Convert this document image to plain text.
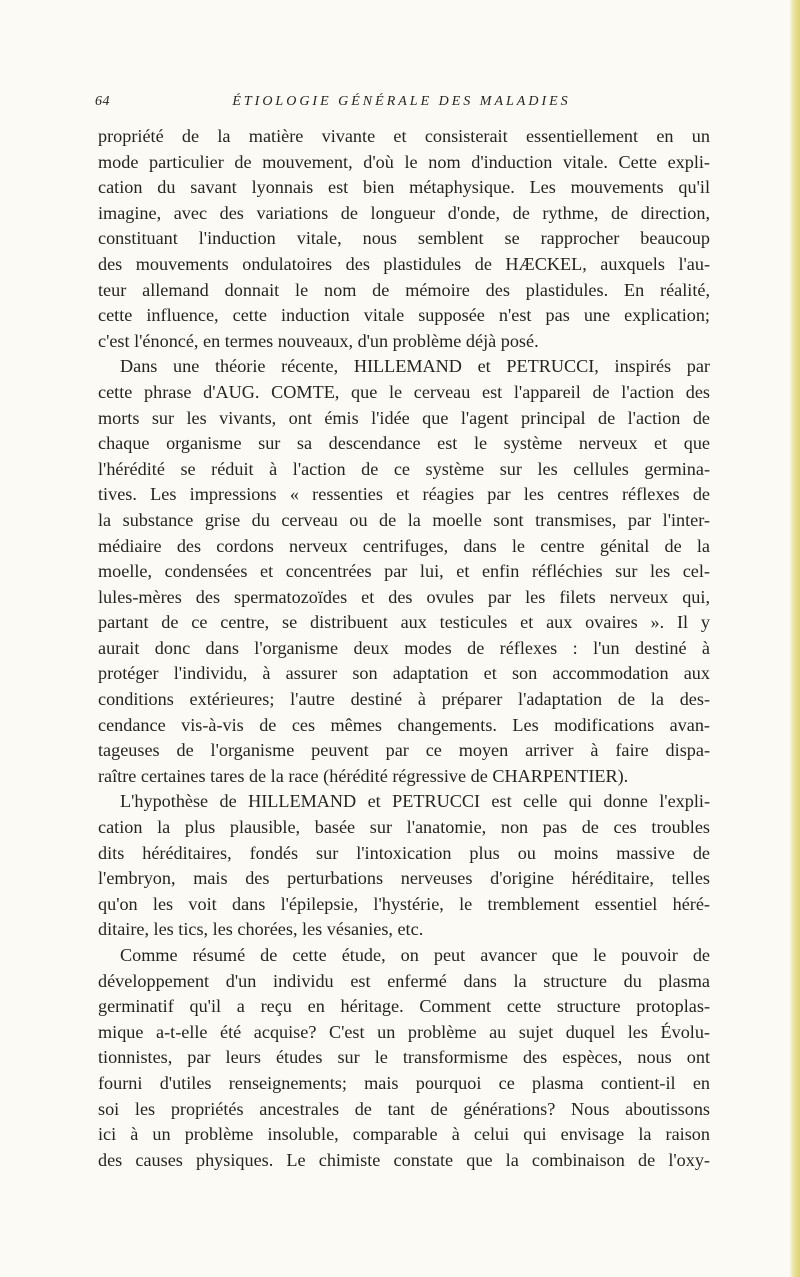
64	ÉTIOLOGIE GÉNÉRALE DES MALADIES
propriété de la matière vivante et consisterait essentiellement en un
mode particulier de mouvement, d'où le nom d'induction vitale. Cette expli-
cation du savant lyonnais est bien métaphysique. Les mouvements qu'il
imagine, avec des variations de longueur d'onde, de rythme, de direction,
constituant l'induction vitale, nous semblent se rapprocher beaucoup
des mouvements ondulatoires des plastidules de HÆCKEL, auxquels l'au-
teur allemand donnait le nom de mémoire des plastidules. En réalité,
cette influence, cette induction vitale supposée n'est pas une explication;
c'est l'énoncé, en termes nouveaux, d'un problème déjà posé.
Dans une théorie récente, HILLEMAND et PETRUCCI, inspirés par
cette phrase d'AUG. COMTE, que le cerveau est l'appareil de l'action des
morts sur les vivants, ont émis l'idée que l'agent principal de l'action de
chaque organisme sur sa descendance est le système nerveux et que
l'hérédité se réduit à l'action de ce système sur les cellules germina-
tives. Les impressions « ressenties et réagies par les centres réflexes de
la substance grise du cerveau ou de la moelle sont transmises, par l'inter-
médiaire des cordons nerveux centrifuges, dans le centre génital de la
moelle, condensées et concentrées par lui, et enfin réfléchies sur les cel-
lules-mères des spermatozoïdes et des ovules par les filets nerveux qui,
partant de ce centre, se distribuent aux testicules et aux ovaires ». Il y
aurait donc dans l'organisme deux modes de réflexes : l'un destiné à
protéger l'individu, à assurer son adaptation et son accommodation aux
conditions extérieures; l'autre destiné à préparer l'adaptation de la des-
cendance vis-à-vis de ces mêmes changements. Les modifications avan-
tageuses de l'organisme peuvent par ce moyen arriver à faire dispa-
raître certaines tares de la race (hérédité régressive de CHARPENTIER).
L'hypothèse de HILLEMAND et PETRUCCI est celle qui donne l'expli-
cation la plus plausible, basée sur l'anatomie, non pas de ces troubles
dits héréditaires, fondés sur l'intoxication plus ou moins massive de
l'embryon, mais des perturbations nerveuses d'origine héréditaire, telles
qu'on les voit dans l'épilepsie, l'hystérie, le tremblement essentiel héré-
ditaire, les tics, les chorées, les vésanies, etc.
Comme résumé de cette étude, on peut avancer que le pouvoir de
développement d'un individu est enfermé dans la structure du plasma
germinatif qu'il a reçu en héritage. Comment cette structure protoplas-
mique a-t-elle été acquise? C'est un problème au sujet duquel les Évolu-
tionnistes, par leurs études sur le transformisme des espèces, nous ont
fourni d'utiles renseignements; mais pourquoi ce plasma contient-il en
soi les propriétés ancestrales de tant de générations? Nous aboutissons
ici à un problème insoluble, comparable à celui qui envisage la raison
des causes physiques. Le chimiste constate que la combinaison de l'oxy-
